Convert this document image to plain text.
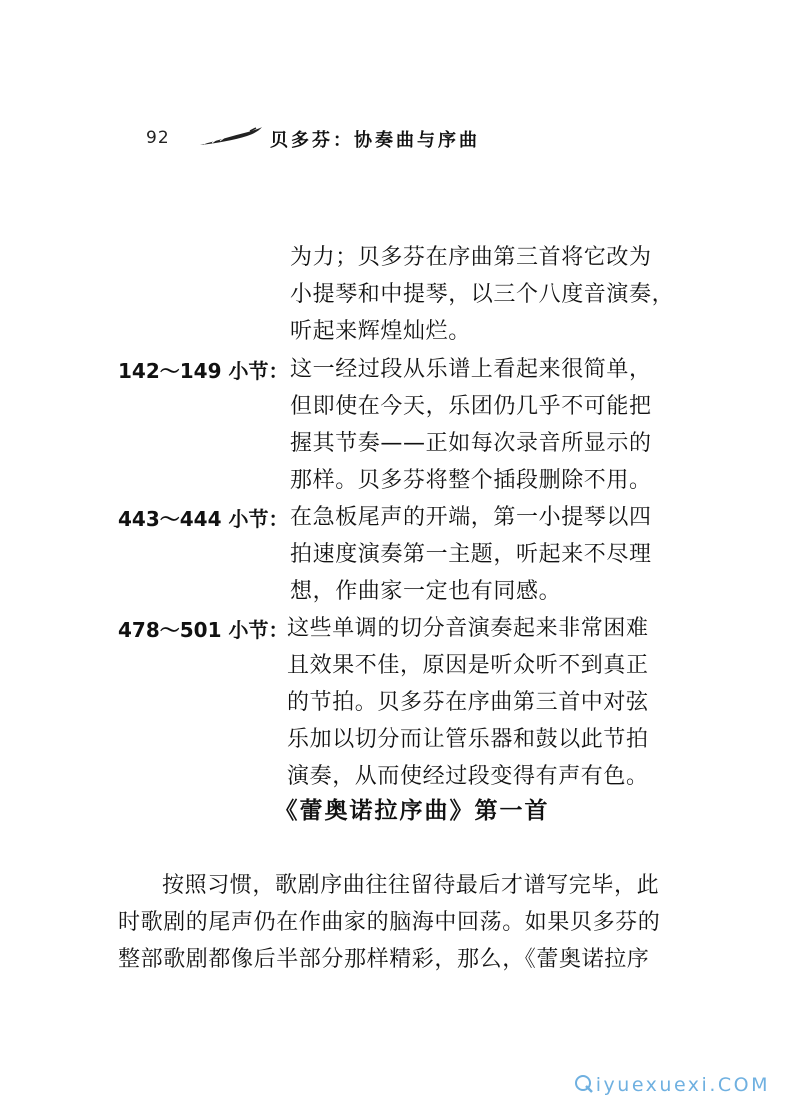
92	贝多芬：协奏曲与序曲
为力；贝多芬在序曲第三首将它改为
小提琴和中提琴，以三个八度音演奏，
听起来辉煌灿烂。
142～149 小节： 这一经过段从乐谱上看起来很简单，
但即使在今天，乐团仍几乎不可能把
握其节奏——正如每次录音所显示的
那样。贝多芬将整个插段删除不用。
443～444 小节： 在急板尾声的开端，第一小提琴以四
拍速度演奏第一主题，听起来不尽理
想，作曲家一定也有同感。
478～501 小节：
这些单调的切分音演奏起来非常困难
且效果不佳，原因是听众听不到真正
的节拍。贝多芬在序曲第三首中对弦
乐加以切分而让管乐器和鼓以此节拍
演奏，从而使经过段变得有声有色。
《蕾奥诺拉序曲》第一首
按照习惯，歌剧序曲往往留待最后才谱写完毕，此
时歌剧的尾声仍在作曲家的脑海中回荡。如果贝多芬的
整部歌剧都像后半部分那样精彩，那么，《蕾奥诺拉序
iyuexuexi.COM
